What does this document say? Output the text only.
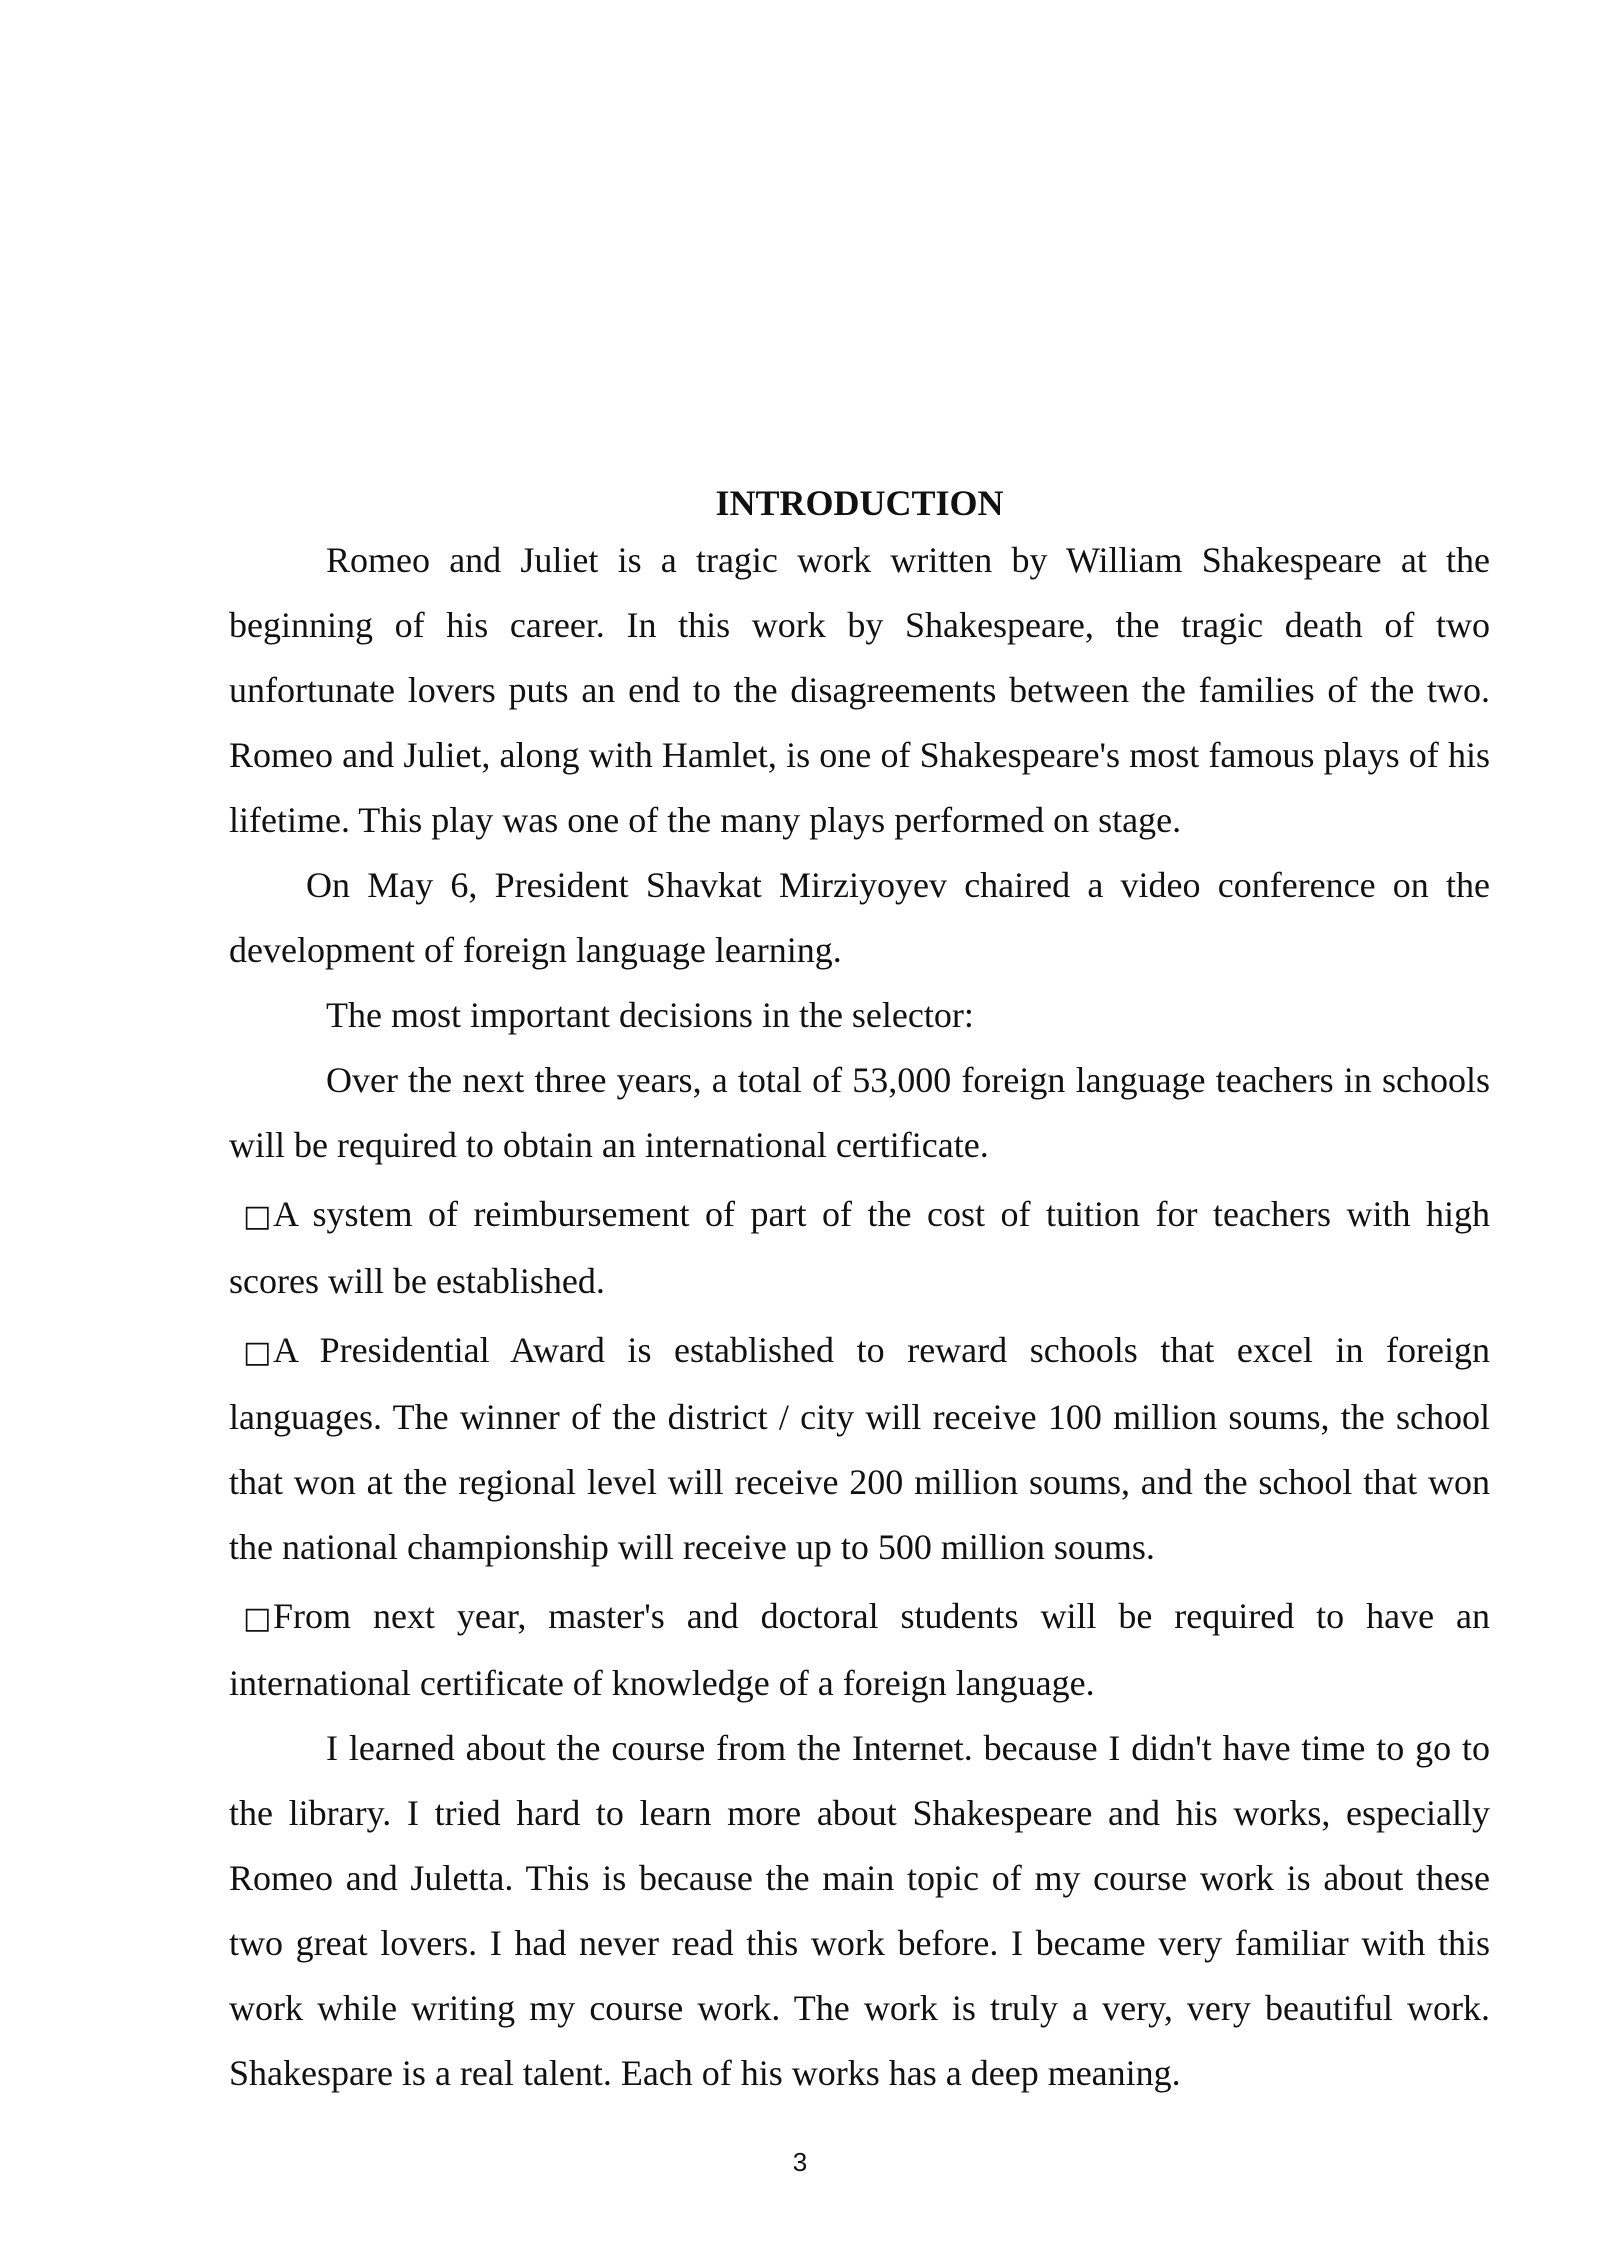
INTRODUCTION

Romeo and Juliet is a tragic work written by William Shakespeare at the beginning of his career. In this work by Shakespeare, the tragic death of two unfortunate lovers puts an end to the disagreements between the families of the two. Romeo and Juliet, along with Hamlet, is one of Shakespeare's most famous plays of his lifetime. This play was one of the many plays performed on stage.

On May 6, President Shavkat Mirziyoyev chaired a video conference on the development of foreign language learning.

The most important decisions in the selector:

Over the next three years, a total of 53,000 foreign language teachers in schools will be required to obtain an international certificate.

□A system of reimbursement of part of the cost of tuition for teachers with high scores will be established.

□A Presidential Award is established to reward schools that excel in foreign languages. The winner of the district / city will receive 100 million soums, the school that won at the regional level will receive 200 million soums, and the school that won the national championship will receive up to 500 million soums.

□From next year, master's and doctoral students will be required to have an international certificate of knowledge of a foreign language.

I learned about the course from the Internet. because I didn't have time to go to the library. I tried hard to learn more about Shakespeare and his works, especially Romeo and Juletta. This is because the main topic of my course work is about these two great lovers. I had never read this work before. I became very familiar with this work while writing my course work. The work is truly a very, very beautiful work. Shakespare is a real talent. Each of his works has a deep meaning.

3
